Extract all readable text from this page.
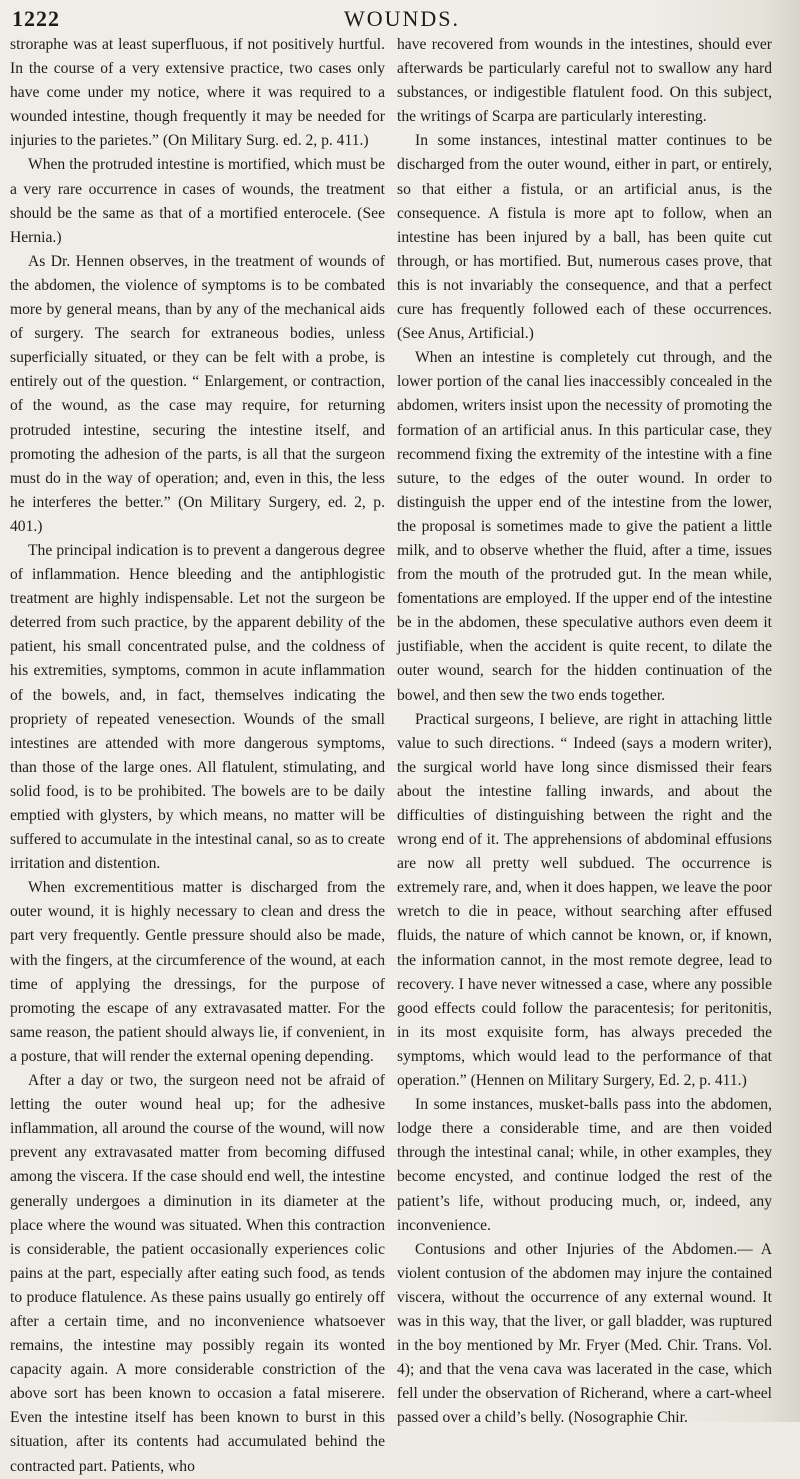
1222	WOUNDS.

stroraphe was at least superfluous, if not positively hurtful. In the course of a very extensive practice, two cases only have come under my notice, where it was required to a wounded intestine, though frequently it may be needed for injuries to the parietes.” (On Military Surg. ed. 2, p. 411.)

When the protruded intestine is mortified, which must be a very rare occurrence in cases of wounds, the treatment should be the same as that of a mortified enterocele. (See Hernia.)

As Dr. Hennen observes, in the treatment of wounds of the abdomen, the violence of symptoms is to be combated more by general means, than by any of the mechanical aids of surgery. The search for extraneous bodies, unless superficially situated, or they can be felt with a probe, is entirely out of the question. “ Enlargement, or contraction, of the wound, as the case may require, for returning protruded intestine, securing the intestine itself, and promoting the adhesion of the parts, is all that the surgeon must do in the way of operation; and, even in this, the less he interferes the better.” (On Military Surgery, ed. 2, p. 401.)

The principal indication is to prevent a dangerous degree of inflammation. Hence bleeding and the antiphlogistic treatment are highly indispensable. Let not the surgeon be deterred from such practice, by the apparent debility of the patient, his small concentrated pulse, and the coldness of his extremities, symptoms, common in acute inflammation of the bowels, and, in fact, themselves indicating the propriety of repeated venesection. Wounds of the small intestines are attended with more dangerous symptoms, than those of the large ones. All flatulent, stimulating, and solid food, is to be prohibited. The bowels are to be daily emptied with glysters, by which means, no matter will be suffered to accumulate in the intestinal canal, so as to create irritation and distention.

When excrementitious matter is discharged from the outer wound, it is highly necessary to clean and dress the part very frequently. Gentle pressure should also be made, with the fingers, at the circumference of the wound, at each time of applying the dressings, for the purpose of promoting the escape of any extravasated matter. For the same reason, the patient should always lie, if convenient, in a posture, that will render the external opening depending.

After a day or two, the surgeon need not be afraid of letting the outer wound heal up; for the adhesive inflammation, all around the course of the wound, will now prevent any extravasated matter from becoming diffused among the viscera. If the case should end well, the intestine generally undergoes a diminution in its diameter at the place where the wound was situated. When this contraction is considerable, the patient occasionally experiences colic pains at the part, especially after eating such food, as tends to produce flatulence. As these pains usually go entirely off after a certain time, and no inconvenience whatsoever remains, the intestine may possibly regain its wonted capacity again. A more considerable constriction of the above sort has been known to occasion a fatal miserere. Even the intestine itself has been known to burst in this situation, after its contents had accumulated behind the contracted part. Patients, who

have recovered from wounds in the intestines, should ever afterwards be particularly careful not to swallow any hard substances, or indigestible flatulent food. On this subject, the writings of Scarpa are particularly interesting.

In some instances, intestinal matter continues to be discharged from the outer wound, either in part, or entirely, so that either a fistula, or an artificial anus, is the consequence. A fistula is more apt to follow, when an intestine has been injured by a ball, has been quite cut through, or has mortified. But, numerous cases prove, that this is not invariably the consequence, and that a perfect cure has frequently followed each of these occurrences. (See Anus, Artificial.)

When an intestine is completely cut through, and the lower portion of the canal lies inaccessibly concealed in the abdomen, writers insist upon the necessity of promoting the formation of an artificial anus. In this particular case, they recommend fixing the extremity of the intestine with a fine suture, to the edges of the outer wound. In order to distinguish the upper end of the intestine from the lower, the proposal is sometimes made to give the patient a little milk, and to observe whether the fluid, after a time, issues from the mouth of the protruded gut. In the mean while, fomentations are employed. If the upper end of the intestine be in the abdomen, these speculative authors even deem it justifiable, when the accident is quite recent, to dilate the outer wound, search for the hidden continuation of the bowel, and then sew the two ends together.

Practical surgeons, I believe, are right in attaching little value to such directions. “ Indeed (says a modern writer), the surgical world have long since dismissed their fears about the intestine falling inwards, and about the difficulties of distinguishing between the right and the wrong end of it. The apprehensions of abdominal effusions are now all pretty well subdued. The occurrence is extremely rare, and, when it does happen, we leave the poor wretch to die in peace, without searching after effused fluids, the nature of which cannot be known, or, if known, the information cannot, in the most remote degree, lead to recovery. I have never witnessed a case, where any possible good effects could follow the paracentesis; for peritonitis, in its most exquisite form, has always preceded the symptoms, which would lead to the performance of that operation.” (Hennen on Military Surgery, Ed. 2, p. 411.)

In some instances, musket-balls pass into the abdomen, lodge there a considerable time, and are then voided through the intestinal canal; while, in other examples, they become encysted, and continue lodged the rest of the patient’s life, without producing much, or, indeed, any inconvenience.

Contusions and other Injuries of the Abdomen.— A violent contusion of the abdomen may injure the contained viscera, without the occurrence of any external wound. It was in this way, that the liver, or gall bladder, was ruptured in the boy mentioned by Mr. Fryer (Med. Chir. Trans. Vol. 4); and that the vena cava was lacerated in the case, which fell under the observation of Richerand, where a cart-wheel passed over a child’s belly. (Nosographie Chir.
